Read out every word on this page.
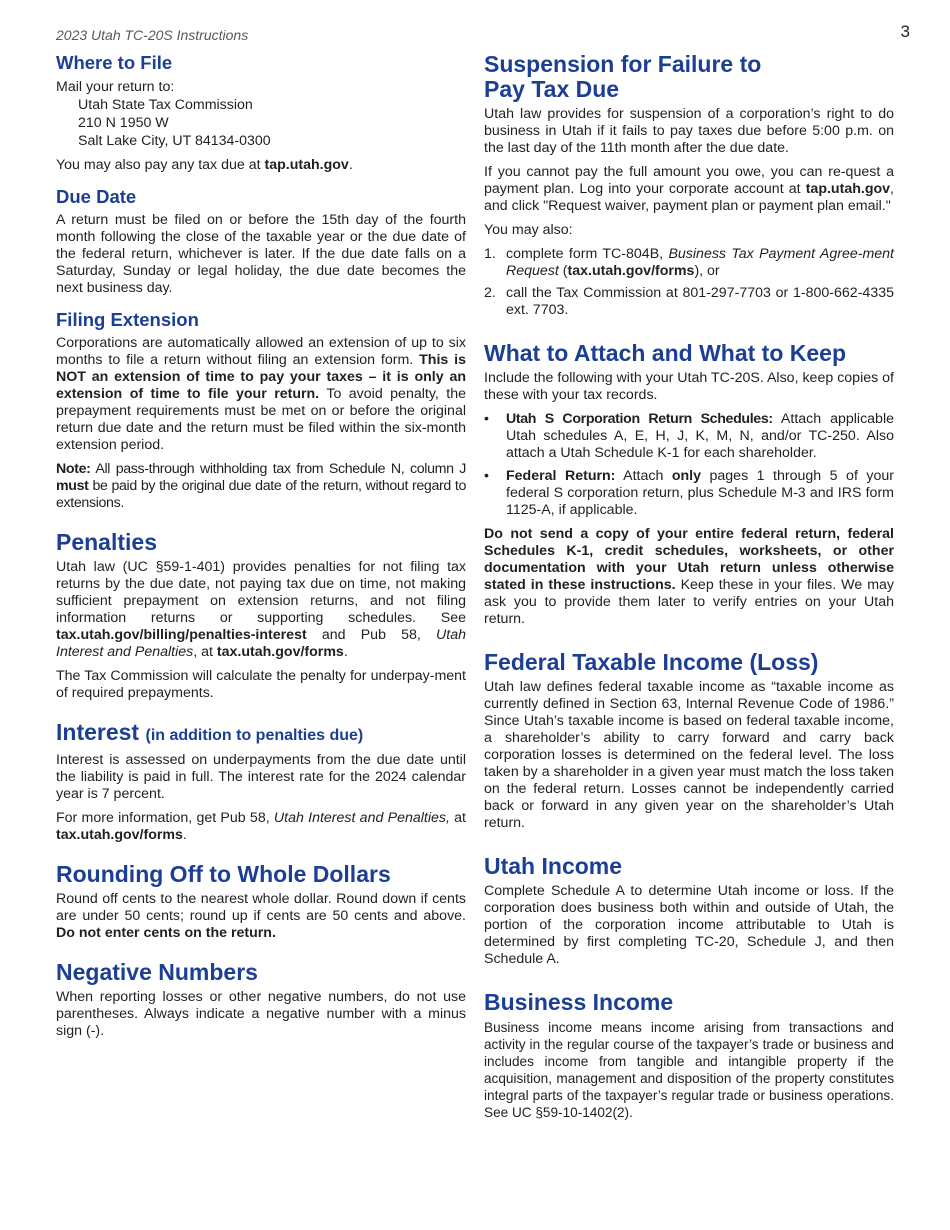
2023 Utah TC-20S Instructions	3
Where to File
Mail your return to:
Utah State Tax Commission
210 N 1950 W
Salt Lake City, UT 84134-0300

You may also pay any tax due at tap.utah.gov.

Due Date

A return must be filed on or before the 15th day of the fourth month following the close of the taxable year or the due date of the federal return, whichever is later. If the due date falls on a Saturday, Sunday or legal holiday, the due date becomes the next business day.

Filing Extension

Corporations are automatically allowed an extension of up to six months to file a return without filing an extension form. This is NOT an extension of time to pay your taxes – it is only an extension of time to file your return. To avoid penalty, the prepayment requirements must be met on or before the original return due date and the return must be filed within the six-month extension period.

Note: All pass-through withholding tax from Schedule N, column J must be paid by the original due date of the return, without regard to extensions.

Penalties

Utah law (UC §59-1-401) provides penalties for not filing tax returns by the due date, not paying tax due on time, not making sufficient prepayment on extension returns, and not filing information returns or supporting schedules. See tax.utah.gov/billing/penalties-interest and Pub 58, Utah Interest and Penalties, at tax.utah.gov/forms.

The Tax Commission will calculate the penalty for underpay-ment of required prepayments.

Interest (in addition to penalties due)

Interest is assessed on underpayments from the due date until the liability is paid in full. The interest rate for the 2024 calendar year is 7 percent.

For more information, get Pub 58, Utah Interest and Penalties, at tax.utah.gov/forms.

Rounding Off to Whole Dollars

Round off cents to the nearest whole dollar. Round down if cents are under 50 cents; round up if cents are 50 cents and above. Do not enter cents on the return.

Negative Numbers

When reporting losses or other negative numbers, do not use parentheses. Always indicate a negative number with a minus sign (-).

Suspension for Failure to
Pay Tax Due

Utah law provides for suspension of a corporation’s right to do business in Utah if it fails to pay taxes due before 5:00 p.m. on the last day of the 11th month after the due date.

If you cannot pay the full amount you owe, you can re-quest a payment plan. Log into your corporate account at tap.utah.gov, and click "Request waiver, payment plan or payment plan email."

You may also:

1. complete form TC-804B, Business Tax Payment Agree-ment Request (tax.utah.gov/forms), or
2. call the Tax Commission at 801-297-7703 or 1-800-662-4335 ext. 7703.
What to Attach and What to Keep

Include the following with your Utah TC-20S. Also, keep copies of these with your tax records.

• Utah S Corporation Return Schedules: Attach applicable Utah schedules A, E, H, J, K, M, N, and/or TC-250. Also attach a Utah Schedule K-1 for each shareholder.
• Federal Return: Attach only pages 1 through 5 of your federal S corporation return, plus Schedule M-3 and IRS form 1125-A, if applicable.

Do not send a copy of your entire federal return, federal Schedules K-1, credit schedules, worksheets, or other documentation with your Utah return unless otherwise stated in these instructions. Keep these in your files. We may ask you to provide them later to verify entries on your Utah return.

Federal Taxable Income (Loss)

Utah law defines federal taxable income as “taxable income as currently defined in Section 63, Internal Revenue Code of 1986.” Since Utah’s taxable income is based on federal taxable income, a shareholder’s ability to carry forward and carry back corporation losses is determined on the federal level. The loss taken by a shareholder in a given year must match the loss taken on the federal return. Losses cannot be independently carried back or forward in any given year on the shareholder’s Utah return.

Utah Income

Complete Schedule A to determine Utah income or loss. If the corporation does business both within and outside of Utah, the portion of the corporation income attributable to Utah is determined by first completing TC-20, Schedule J, and then Schedule A.

Business Income

Business income means income arising from transactions and activity in the regular course of the taxpayer’s trade or business and includes income from tangible and intangible property if the acquisition, management and disposition of the property constitutes integral parts of the taxpayer’s regular trade or business operations. See UC §59-10-1402(2).
